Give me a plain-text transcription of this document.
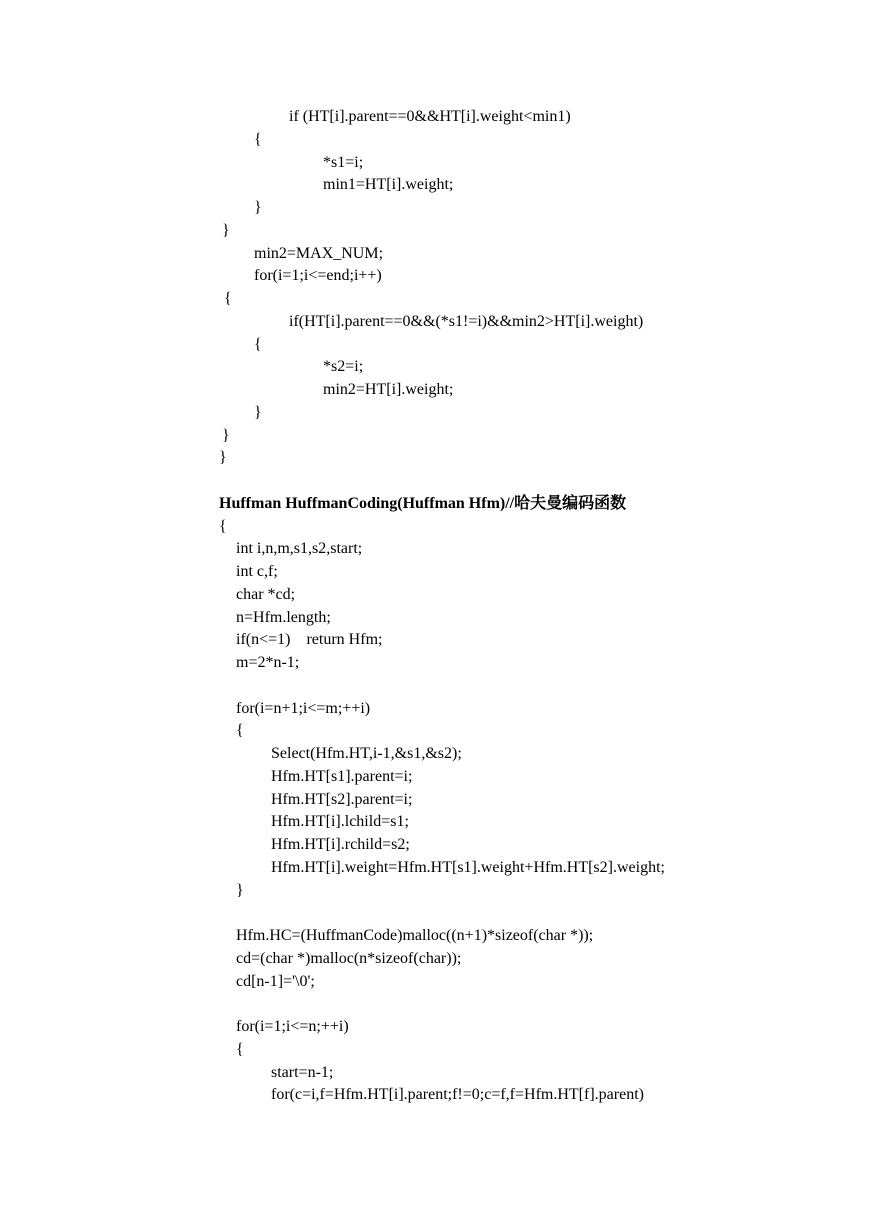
if (HT[i].parent==0&&HT[i].weight<min1)
{
*s1=i;
min1=HT[i].weight;
}
}
min2=MAX_NUM;
for(i=1;i<=end;i++)
{
if(HT[i].parent==0&&(*s1!=i)&&min2>HT[i].weight)
{
*s2=i;
min2=HT[i].weight;
}
}
}
Huffman HuffmanCoding(Huffman Hfm)//哈夫曼编码函数
{
int i,n,m,s1,s2,start;
int c,f;
char *cd;
n=Hfm.length;
if(n<=1)    return Hfm;
m=2*n-1;
for(i=n+1;i<=m;++i)
{
Select(Hfm.HT,i-1,&s1,&s2);
Hfm.HT[s1].parent=i;
Hfm.HT[s2].parent=i;
Hfm.HT[i].lchild=s1;
Hfm.HT[i].rchild=s2;
Hfm.HT[i].weight=Hfm.HT[s1].weight+Hfm.HT[s2].weight;
}
Hfm.HC=(HuffmanCode)malloc((n+1)*sizeof(char *));
cd=(char *)malloc(n*sizeof(char));
cd[n-1]='\0';
for(i=1;i<=n;++i)
{
start=n-1;
for(c=i,f=Hfm.HT[i].parent;f!=0;c=f,f=Hfm.HT[f].parent)
